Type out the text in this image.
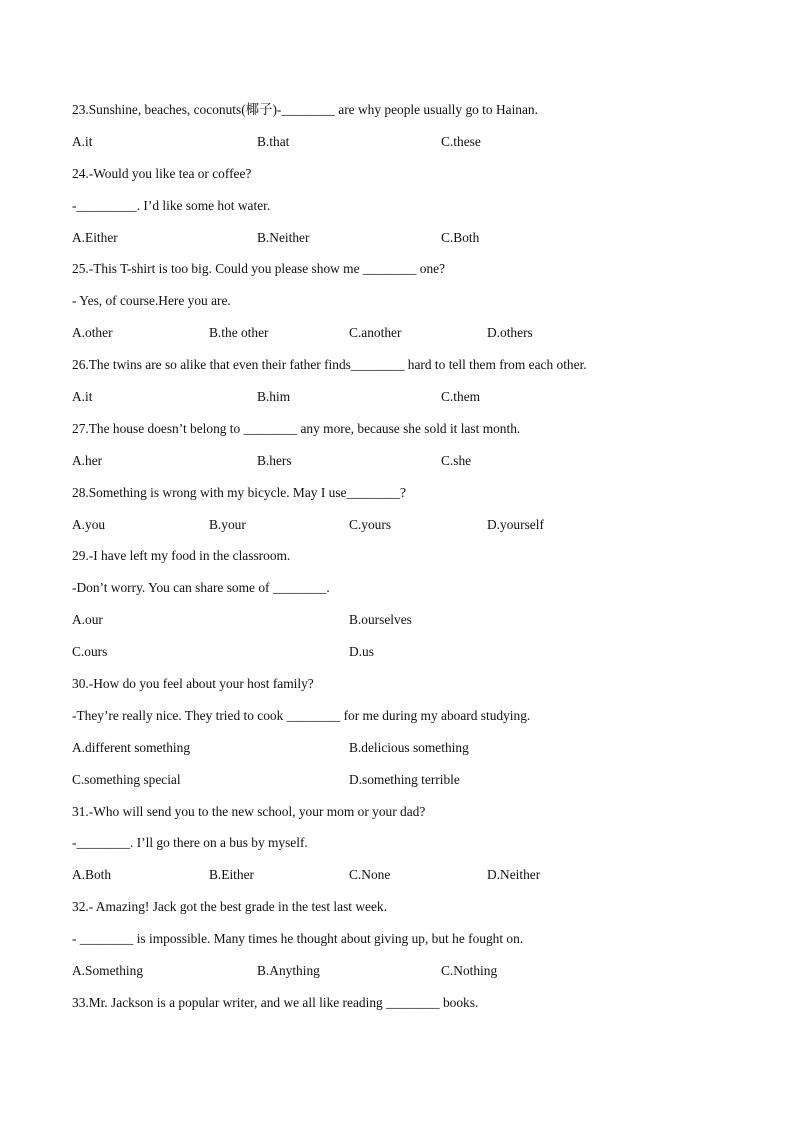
23.Sunshine, beaches, coconuts(椰子)-________ are why people usually go to Hainan.
A.it	B.that	C.these
24.-Would you like tea or coffee?
-_________. I’d like some hot water.
A.Either	B.Neither	C.Both
25.-This T-shirt is too big. Could you please show me ________ one?
- Yes, of course.Here you are.
A.other	B.the other	C.another	D.others
26.The twins are so alike that even their father finds________ hard to tell them from each other.
A.it	B.him	C.them
27.The house doesn’t belong to ________ any more, because she sold it last month.
A.her	B.hers	C.she
28.Something is wrong with my bicycle. May I use________?
A.you	B.your	C.yours	D.yourself
29.-I have left my food in the classroom.
-Don’t worry. You can share some of ________.
A.our	B.ourselves
C.ours	D.us
30.-How do you feel about your host family?
-They’re really nice. They tried to cook ________ for me during my aboard studying.
A.different something	B.delicious something
C.something special	D.something terrible
31.-Who will send you to the new school, your mom or your dad?
-________. I’ll go there on a bus by myself.
A.Both	B.Either	C.None	D.Neither
32.- Amazing! Jack got the best grade in the test last week.
- ________ is impossible. Many times he thought about giving up, but he fought on.
A.Something	B.Anything	C.Nothing
33.Mr. Jackson is a popular writer, and we all like reading ________ books.
